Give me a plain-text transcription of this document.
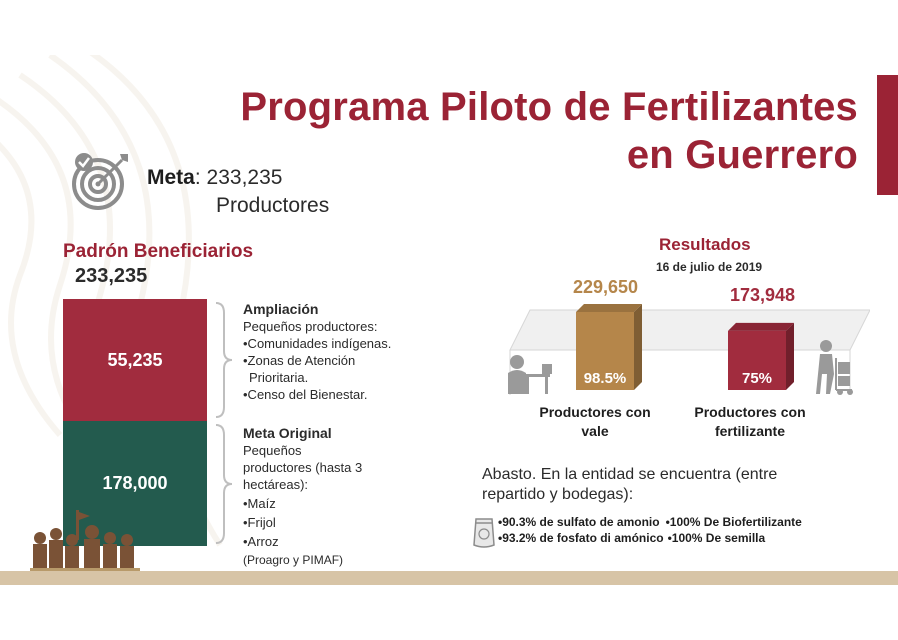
Programa Piloto de Fertilizantes
en Guerrero
Meta: 233,235
Productores
Padrón Beneficiarios
233,235
55,235
178,000
Ampliación
Pequeños productores:
•Comunidades indígenas.
•Zonas de Atención
Prioritaria.
•Censo del Bienestar.
Meta Original
Pequeños
productores (hasta 3
hectáreas):
•Maíz
•Frijol
•Arroz
(Proagro y PIMAF)
Resultados
16 de julio de 2019
98.5%	75%
229,650	173,948
Productores con
vale
Productores con
fertilizante
Abasto. En la entidad se encuentra (entre
repartido y bodegas):
•90.3% de sulfato de amonio •100% De Biofertilizante
•93.2% de fosfato di amónico •100% De semilla
